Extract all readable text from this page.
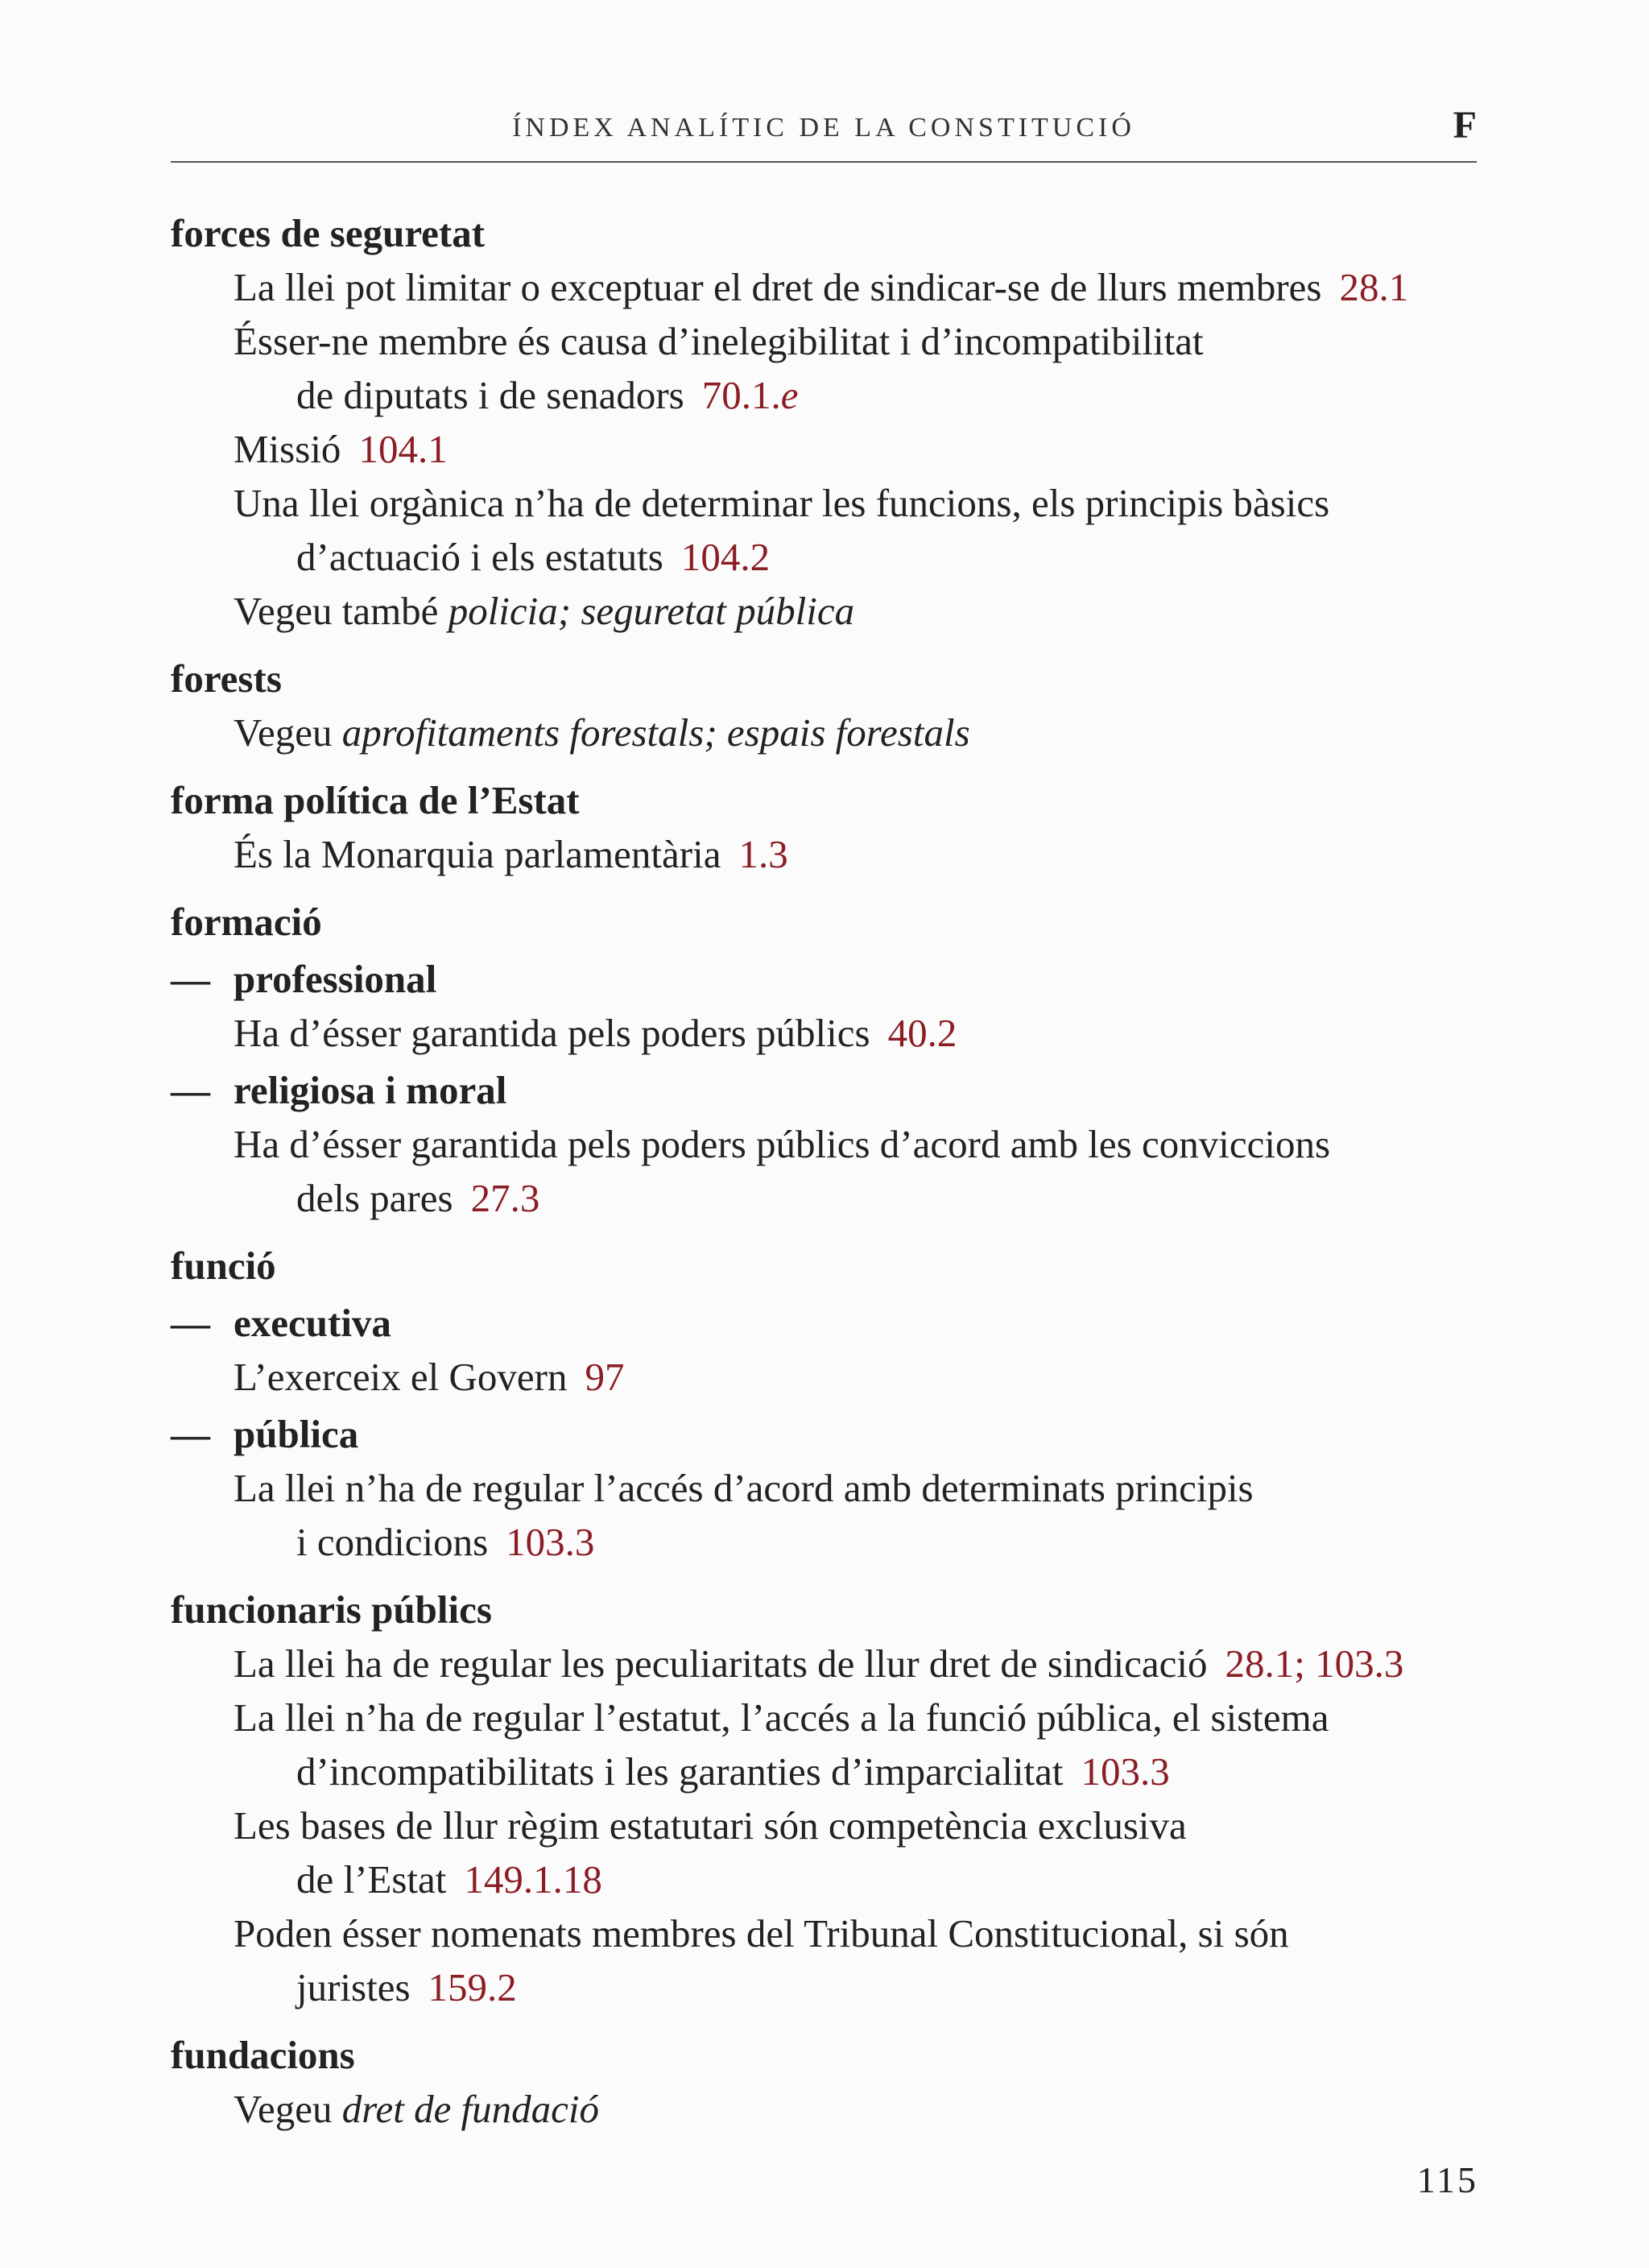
ÍNDEX ANALÍTIC DE LA CONSTITUCIÓ	F
forces de seguretat
La llei pot limitar o exceptuar el dret de sindicar-se de llurs membres 28.1
Ésser-ne membre és causa d’inelegibilitat i d’incompatibilitat
de diputats i de senadors 70.1.e
Missió 104.1
Una llei orgànica n’ha de determinar les funcions, els principis bàsics
d’actuació i els estatuts 104.2
Vegeu també policia; seguretat pública
forests
Vegeu aprofitaments forestals; espais forestals
forma política de l’Estat
És la Monarquia parlamentària 1.3
formació
— professional
Ha d’ésser garantida pels poders públics 40.2
— religiosa i moral
Ha d’ésser garantida pels poders públics d’acord amb les conviccions
dels pares 27.3
funció
— executiva
L’exerceix el Govern 97
— pública
La llei n’ha de regular l’accés d’acord amb determinats principis
i condicions 103.3
funcionaris públics
La llei ha de regular les peculiaritats de llur dret de sindicació 28.1; 103.3
La llei n’ha de regular l’estatut, l’accés a la funció pública, el sistema
d’incompatibilitats i les garanties d’imparcialitat 103.3
Les bases de llur règim estatutari són competència exclusiva
de l’Estat 149.1.18
Poden ésser nomenats membres del Tribunal Constitucional, si són
juristes 159.2
fundacions
Vegeu dret de fundació
115
